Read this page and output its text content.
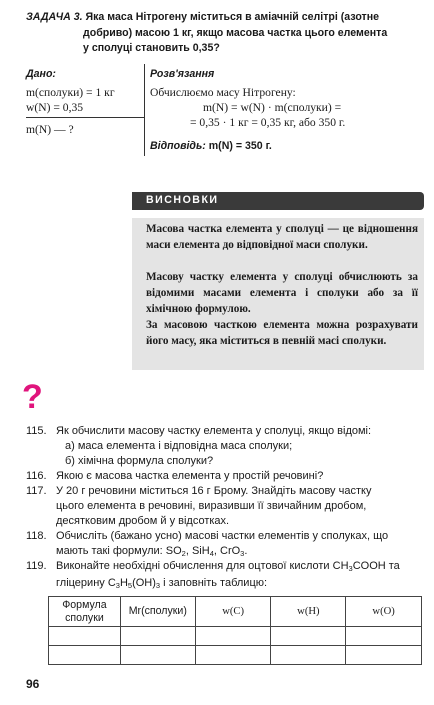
ЗАДАЧА 3. Яка маса Нітрогену міститься в аміачній селітрі (азотне
добриво) масою 1 кг, якщо масова частка цього елемента
у сполуці становить 0,35?
Дано:	Розв'язання
m(сполуки) = 1 кг
w(N) = 0,35
m(N) — ?
Обчислюємо масу Нітрогену:
m(N) = w(N) · m(сполуки) =
= 0,35 · 1 кг = 0,35 кг, або 350 г.
Відповідь: m(N) = 350 г.
ВИСНОВКИ

Масова частка елемента у сполуці — це відношення маси елемента до відповідної маси сполуки.

Масову частку елемента у сполуці обчислюють за відомими масами елемента і сполуки або за її хімічною формулою.

За масовою часткою елемента можна розрахувати його масу, яка міститься в певній масі сполуки.

?
115. Як обчислити масову частку елемента у сполуці, якщо відомі:
а) маса елемента і відповідна маса сполуки;
б) хімічна формула сполуки?
116. Якою є масова частка елемента у простій речовині?
117. У 20 г речовини міститься 16 г Брому. Знайдіть масову частку
цього елемента в речовині, виразивши її звичайним дробом,
десятковим дробом й у відсотках.
118. Обчисліть (бажано усно) масові частки елементів у сполуках, що
мають такі формули: $SO_2$, SiH$_4$, CrO$_3$.
119. Виконайте необхідні обчислення для оцтової кислоти $CH_3COOH$ та
гліцерину $C_3H_5(OH)_3$ і заповніть таблицю:
Формула сполуки	Mr(сполуки)	w(C)	w(H)	w(O)

96
